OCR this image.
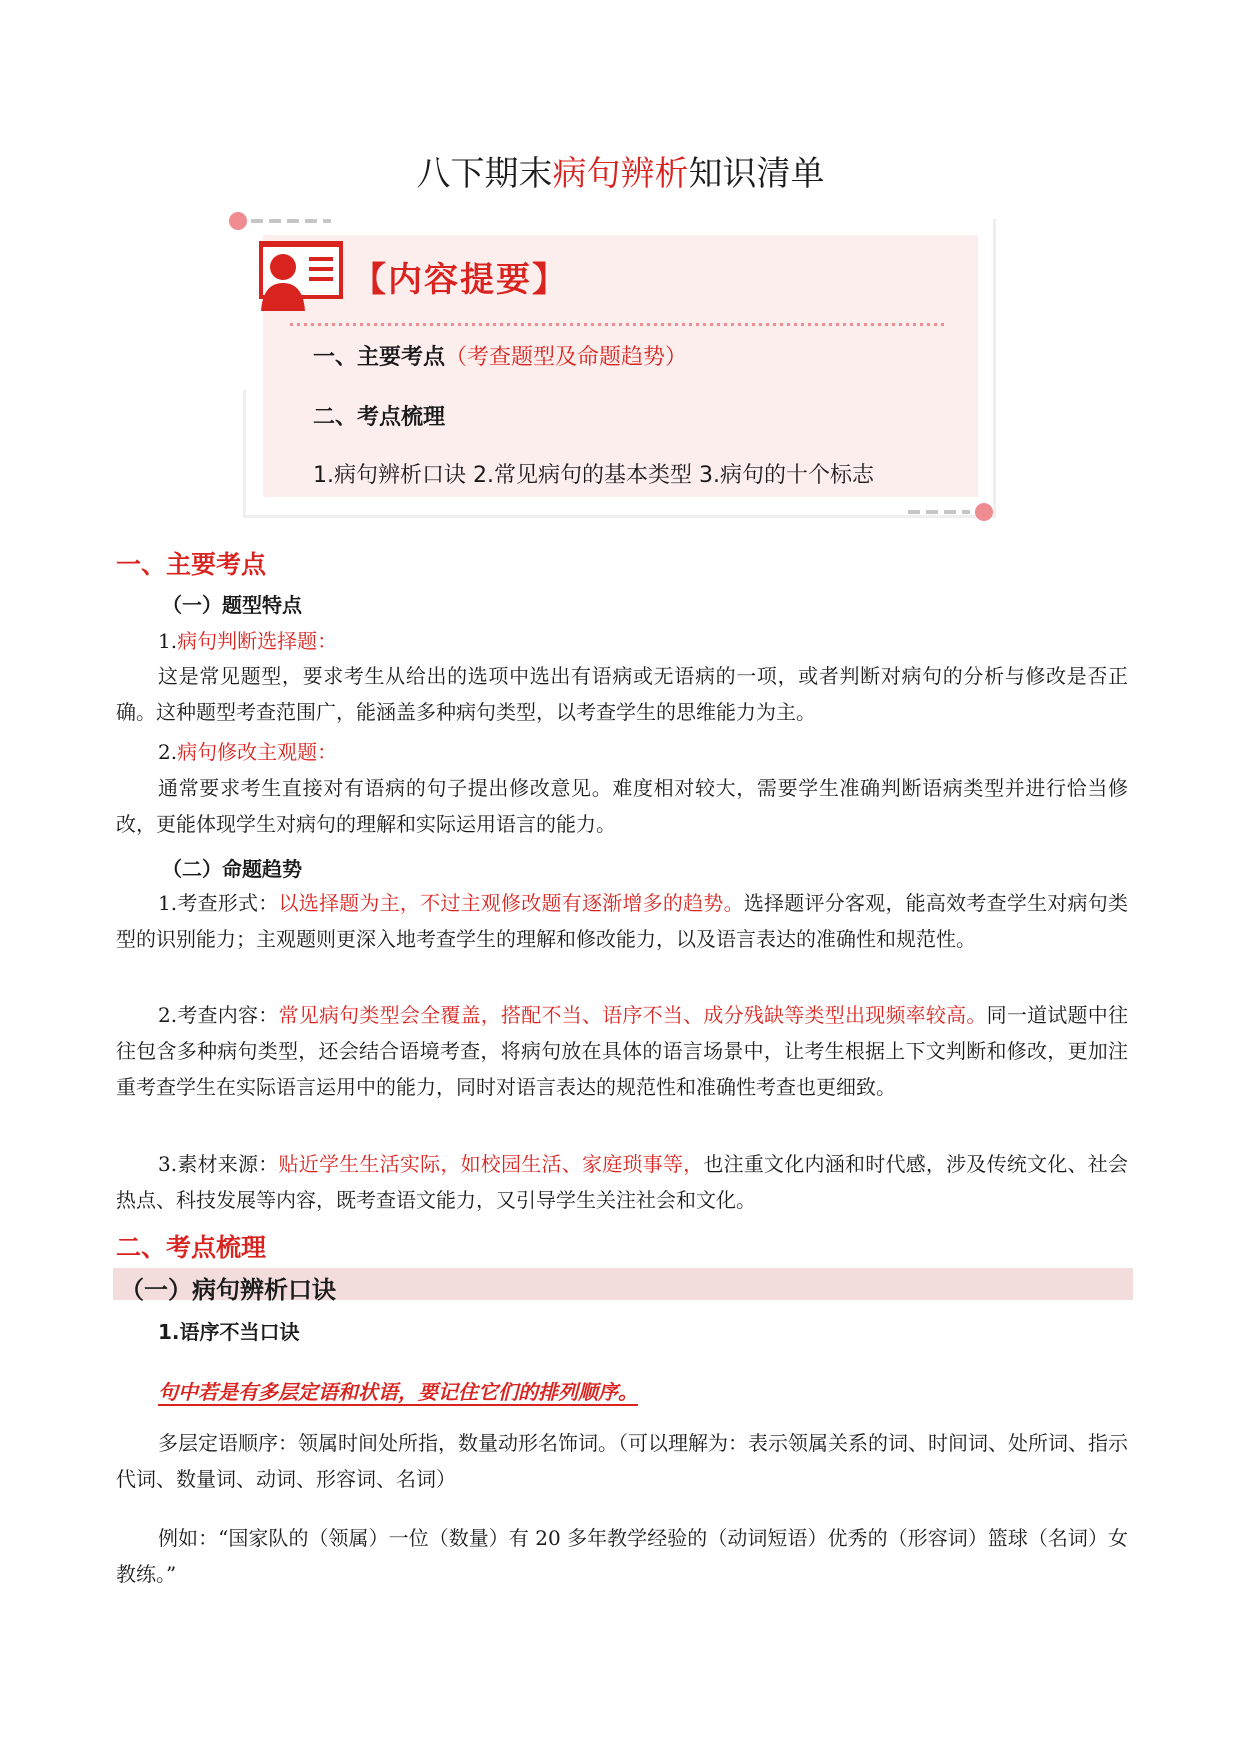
八下期末病句辨析知识清单
【内容提要】
一、主要考点（考查题型及命题趋势）
二、考点梳理
1.病句辨析口诀 2.常见病句的基本类型 3.病句的十个标志
一、主要考点
（一）题型特点
1.病句判断选择题：
这是常见题型，要求考生从给出的选项中选出有语病或无语病的一项，或者判断对病句的分析与修改是否正确。这种题型考查范围广，能涵盖多种病句类型，以考查学生的思维能力为主。
2.病句修改主观题：
通常要求考生直接对有语病的句子提出修改意见。难度相对较大，需要学生准确判断语病类型并进行恰当修改，更能体现学生对病句的理解和实际运用语言的能力。
（二）命题趋势
1.考查形式：以选择题为主，不过主观修改题有逐渐增多的趋势。选择题评分客观，能高效考查学生对病句类型的识别能力；主观题则更深入地考查学生的理解和修改能力，以及语言表达的准确性和规范性。
2.考查内容：常见病句类型会全覆盖，搭配不当、语序不当、成分残缺等类型出现频率较高。同一道试题中往往包含多种病句类型，还会结合语境考查，将病句放在具体的语言场景中，让考生根据上下文判断和修改，更加注重考查学生在实际语言运用中的能力，同时对语言表达的规范性和准确性考查也更细致。
3.素材来源：贴近学生生活实际，如校园生活、家庭琐事等，也注重文化内涵和时代感，涉及传统文化、社会热点、科技发展等内容，既考查语文能力，又引导学生关注社会和文化。
二、考点梳理
（一）病句辨析口诀
1.语序不当口诀
句中若是有多层定语和状语，要记住它们的排列顺序。
多层定语顺序：领属时间处所指，数量动形名饰词。（可以理解为：表示领属关系的词、时间词、处所词、指示代词、数量词、动词、形容词、名词）
例如：“国家队的（领属）一位（数量）有 20 多年教学经验的（动词短语）优秀的（形容词）篮球（名词）女教练。”
